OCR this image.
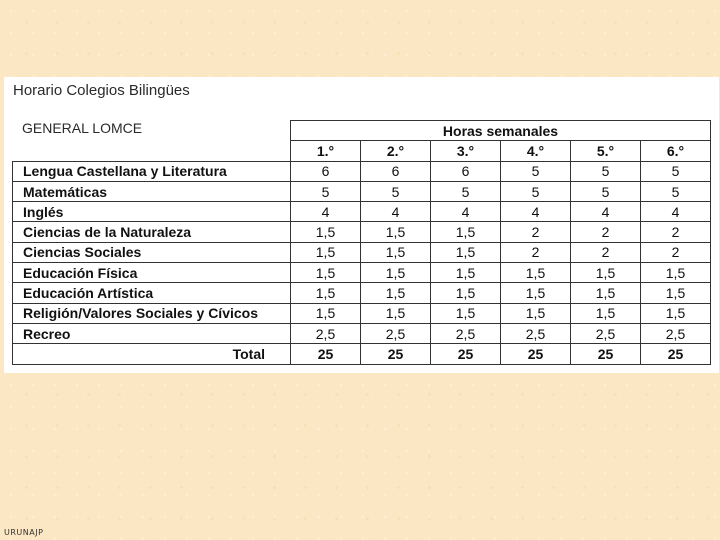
Horario Colegios Bilingües
GENERAL LOMCE
		Horas semanales					
	1.°	2.°	3.°	4.°	5.°	6.°
Lengua Castellana y Literatura	6	6	6	5	5	5
Matemáticas	5	5	5	5	5	5
Inglés	4	4	4	4	4	4
Ciencias de la Naturaleza	1,5	1,5	1,5	2	2	2
Ciencias Sociales	1,5	1,5	1,5	2	2	2
Educación Física	1,5	1,5	1,5	1,5	1,5	1,5
Educación Artística	1,5	1,5	1,5	1,5	1,5	1,5
Religión/Valores Sociales y Cívicos	1,5	1,5	1,5	1,5	1,5	1,5
Recreo	2,5	2,5	2,5	2,5	2,5	2,5
Total	25	25	25	25	25	25
URUNAJP
